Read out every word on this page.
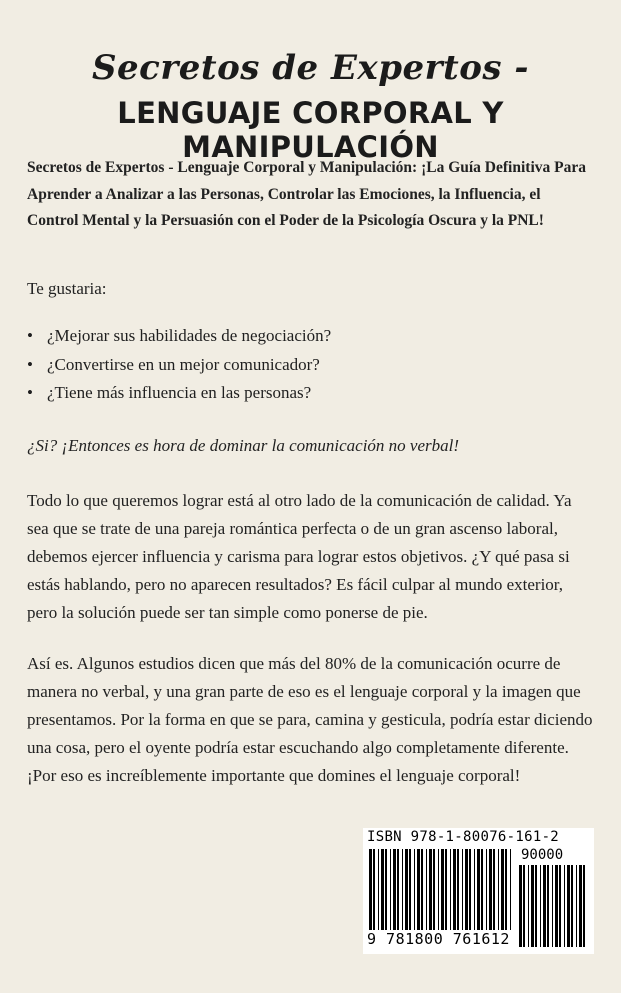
Secretos de Expertos -
LENGUAJE CORPORAL Y MANIPULACIÓN
Secretos de Expertos - Lenguaje Corporal y Manipulación: ¡La Guía Definitiva Para Aprender a Analizar a las Personas, Controlar las Emociones, la Influencia, el Control Mental y la Persuasión con el Poder de la Psicología Oscura y la PNL!
Te gustaria:
• ¿Mejorar sus habilidades de negociación?
• ¿Convertirse en un mejor comunicador?
• ¿Tiene más influencia en las personas?
¿Si? ¡Entonces es hora de dominar la comunicación no verbal!
Todo lo que queremos lograr está al otro lado de la comunicación de calidad. Ya sea que se trate de una pareja romántica perfecta o de un gran ascenso laboral, debemos ejercer influencia y carisma para lograr estos objetivos. ¿Y qué pasa si estás hablando, pero no aparecen resultados? Es fácil culpar al mundo exterior, pero la solución puede ser tan simple como ponerse de pie.
Así es. Algunos estudios dicen que más del 80% de la comunicación ocurre de manera no verbal, y una gran parte de eso es el lenguaje corporal y la imagen que presentamos. Por la forma en que se para, camina y gesticula, podría estar diciendo una cosa, pero el oyente podría estar escuchando algo completamente diferente. ¡Por eso es increíblemente importante que domines el lenguaje corporal!
ISBN 978-1-80076-161-2
90000
9 781800 761612
